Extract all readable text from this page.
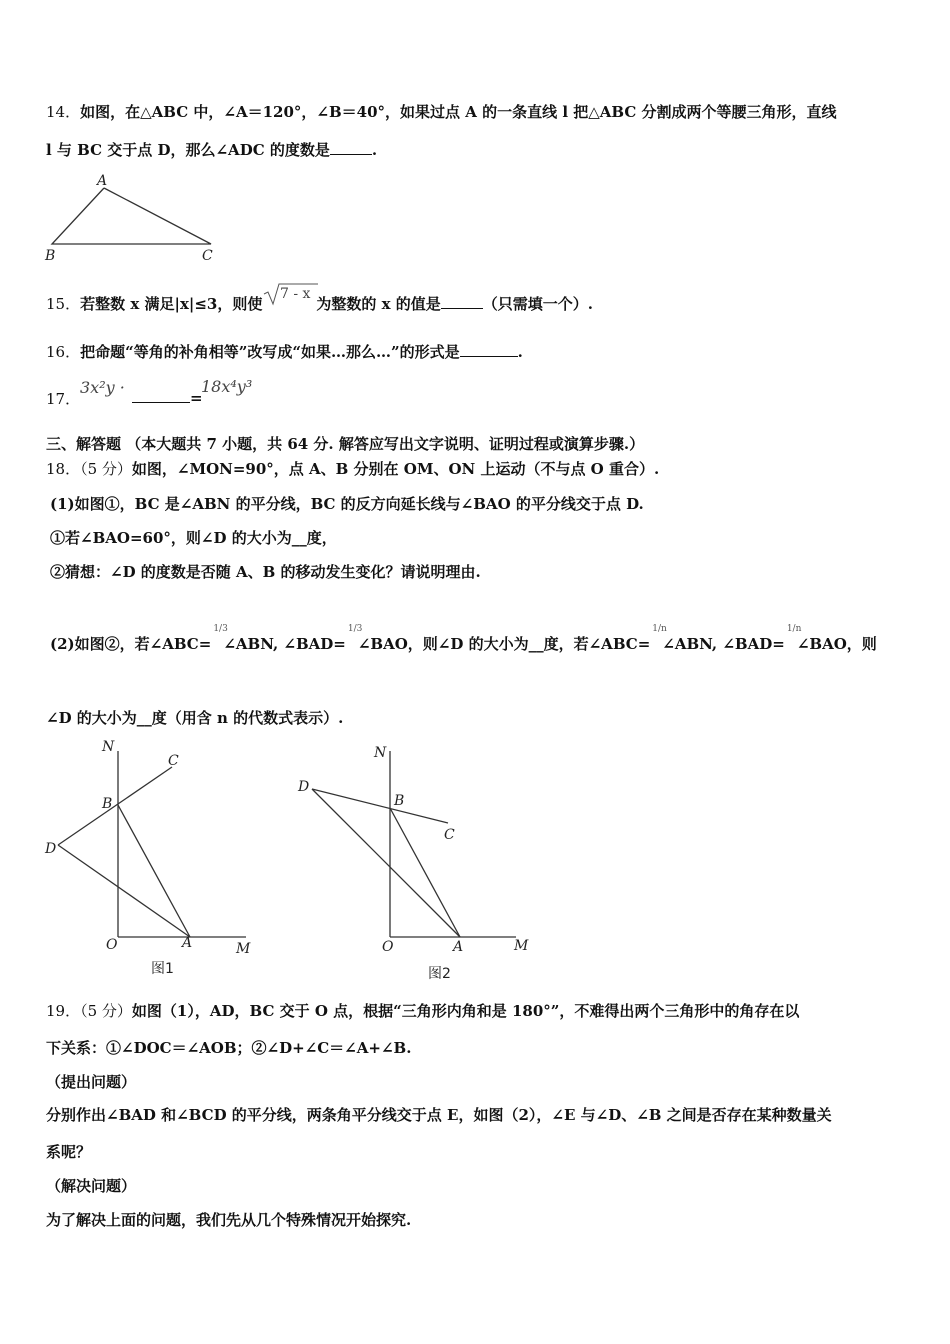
14．如图，在△ABC 中，∠A＝120°，∠B＝40°，如果过点 A 的一条直线 l 把△ABC 分割成两个等腰三角形，直线
l 与 BC 交于点 D，那么∠ADC 的度数是	.
A
B	C
15．若整数 x 满足|x|≤3，则使	为整数的 x 的值是	（只需填一个）.
7 - x
16．把命题“等角的补角相等”改写成“如果…那么…”的形式是	.
17．
3x²y ·
=
18x⁴y³
三、解答题 （本大题共 7 小题，共 64 分. 解答应写出文字说明、证明过程或演算步骤.）
18．（5 分）如图，∠MON=90°，点 A、B 分别在 OM、ON 上运动（不与点 O 重合）.
(1)如图①，BC 是∠ABN 的平分线，BC 的反方向延长线与∠BAO 的平分线交于点 D.
①若∠BAO=60°，则∠D 的大小为__度，
②猜想：∠D 的度数是否随 A、B 的移动发生变化？请说明理由.
(2)如图②，若∠ABC=
1/3
∠ABN, ∠BAD=
1/3
∠BAO，则∠D 的大小为__度，若∠ABC=
1/n
∠ABN, ∠BAD=
1/n
∠BAO，则
∠D 的大小为__度（用含 n 的代数式表示）.
N
C
B
D
O	A	M
图1
N
D
B
C
O	A	M
图2
19．（5 分）如图（1），AD，BC 交于 O 点，根据“三角形内角和是 180°”，不难得出两个三角形中的角存在以
下关系：①∠DOC＝∠AOB；②∠D+∠C＝∠A+∠B.
（提出问题）
分别作出∠BAD 和∠BCD 的平分线，两条角平分线交于点 E，如图（2），∠E 与∠D、∠B 之间是否存在某种数量关
系呢？
（解决问题）
为了解决上面的问题，我们先从几个特殊情况开始探究.
